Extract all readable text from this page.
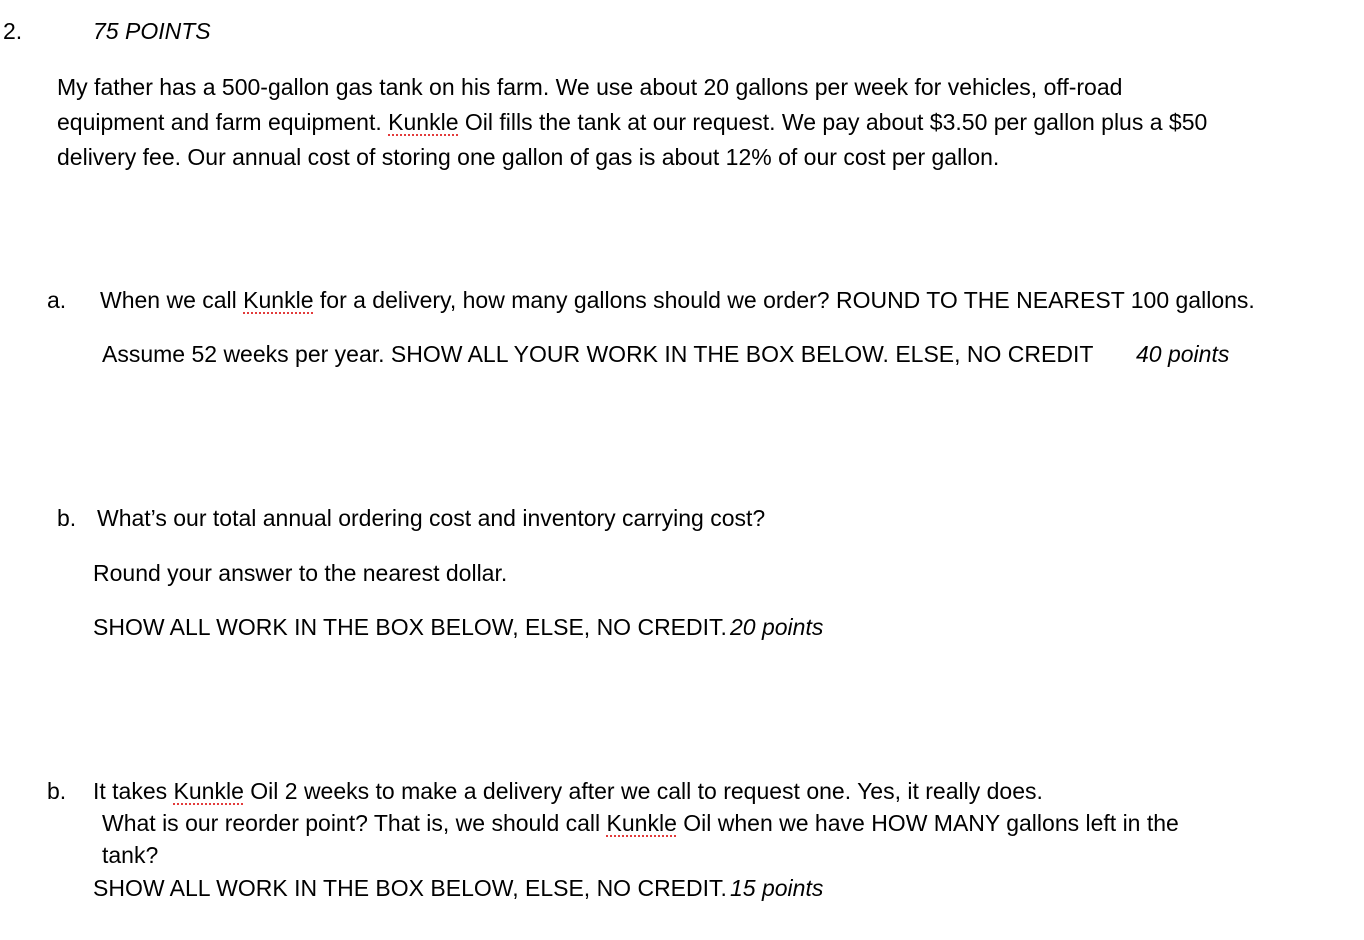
2.	75 POINTS
My father has a 500-gallon gas tank on his farm. We use about 20 gallons per week for vehicles, off-road
equipment and farm equipment. Kunkle Oil fills the tank at our request. We pay about $3.50 per gallon plus a $50
delivery fee. Our annual cost of storing one gallon of gas is about 12% of our cost per gallon.
a. When we call Kunkle for a delivery, how many gallons should we order? ROUND TO THE NEAREST 100 gallons.
Assume 52 weeks per year. SHOW ALL YOUR WORK IN THE BOX BELOW. ELSE, NO CREDIT 40 points
b. What’s our total annual ordering cost and inventory carrying cost?
Round your answer to the nearest dollar.
SHOW ALL WORK IN THE BOX BELOW, ELSE, NO CREDIT. 20 points
b. It takes Kunkle Oil 2 weeks to make a delivery after we call to request one. Yes, it really does.
What is our reorder point? That is, we should call Kunkle Oil when we have HOW MANY gallons left in the
tank?
SHOW ALL WORK IN THE BOX BELOW, ELSE, NO CREDIT. 15 points
